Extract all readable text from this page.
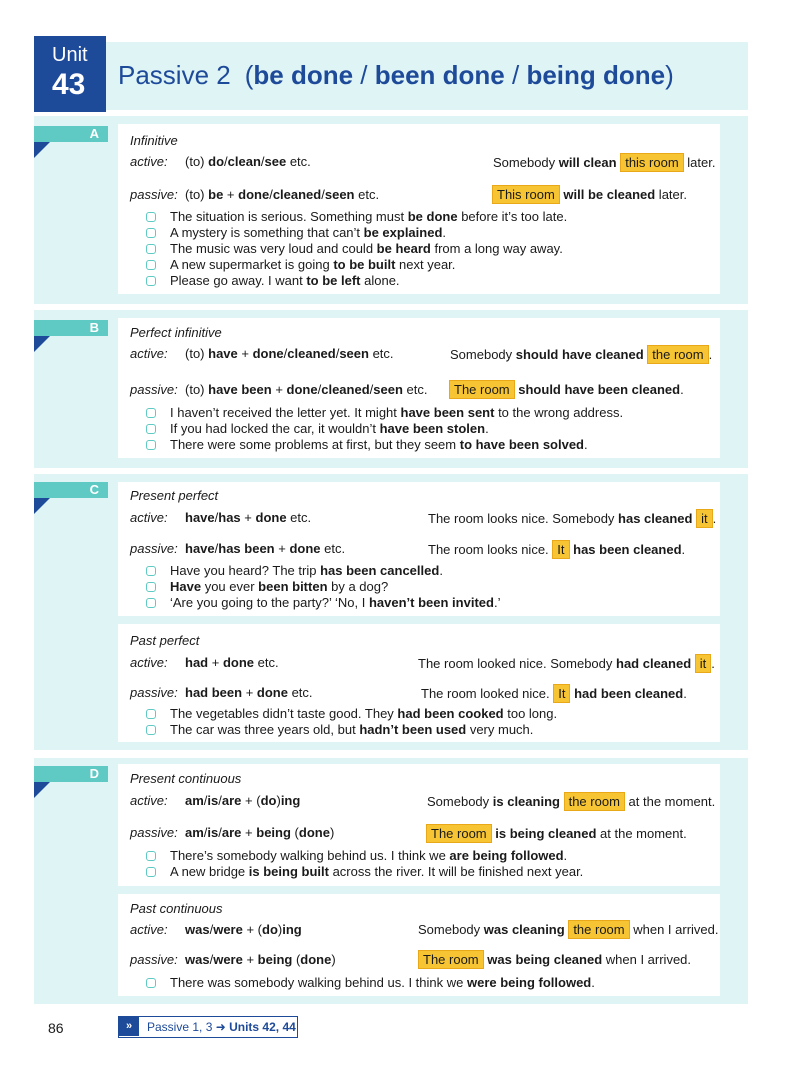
Unit
43 Passive 2 (be done / been done / being done)
A	Infinitive
active: (to) do/clean/see etc.	Somebody will clean this room later.
passive: (to) be + done/cleaned/seen etc.	This room will be cleaned later.
The situation is serious. Something must be done before it’s too late.
A mystery is something that can’t be explained.
The music was very loud and could be heard from a long way away.
A new supermarket is going to be built next year.
Please go away. I want to be left alone.
B	Perfect infinitive
active: (to) have + done/cleaned/seen etc.	Somebody should have cleaned the room .
passive: (to) have been + done/cleaned/seen etc.	The room should have been cleaned.
I haven’t received the letter yet. It might have been sent to the wrong address.
If you had locked the car, it wouldn’t have been stolen.
There were some problems at first, but they seem to have been solved.
C	Present perfect
active: have/has + done etc.	The room looks nice. Somebody has cleaned it .
passive: have/has been + done etc.	The room looks nice. It has been cleaned.
Have you heard? The trip has been cancelled.
Have you ever been bitten by a dog?
‘Are you going to the party?’ ‘No, I haven’t been invited.’
Past perfect
active: had + done etc.	The room looked nice. Somebody had cleaned it .
passive: had been + done etc.	The room looked nice. It had been cleaned.
The vegetables didn’t taste good. They had been cooked too long.
The car was three years old, but hadn’t been used very much.
D	Present continuous
active: am/is/are + (do)ing	Somebody is cleaning the room at the moment.
passive: am/is/are + being (done)	The room is being cleaned at the moment.
There’s somebody walking behind us. I think we are being followed.
A new bridge is being built across the river. It will be finished next year.
Past continuous
active: was/were + (do)ing	Somebody was cleaning the room when I arrived.
passive: was/were + being (done)	The room was being cleaned when I arrived.
There was somebody walking behind us. I think we were being followed.
86	»	Passive 1, 3 ➜ Units 42, 44
